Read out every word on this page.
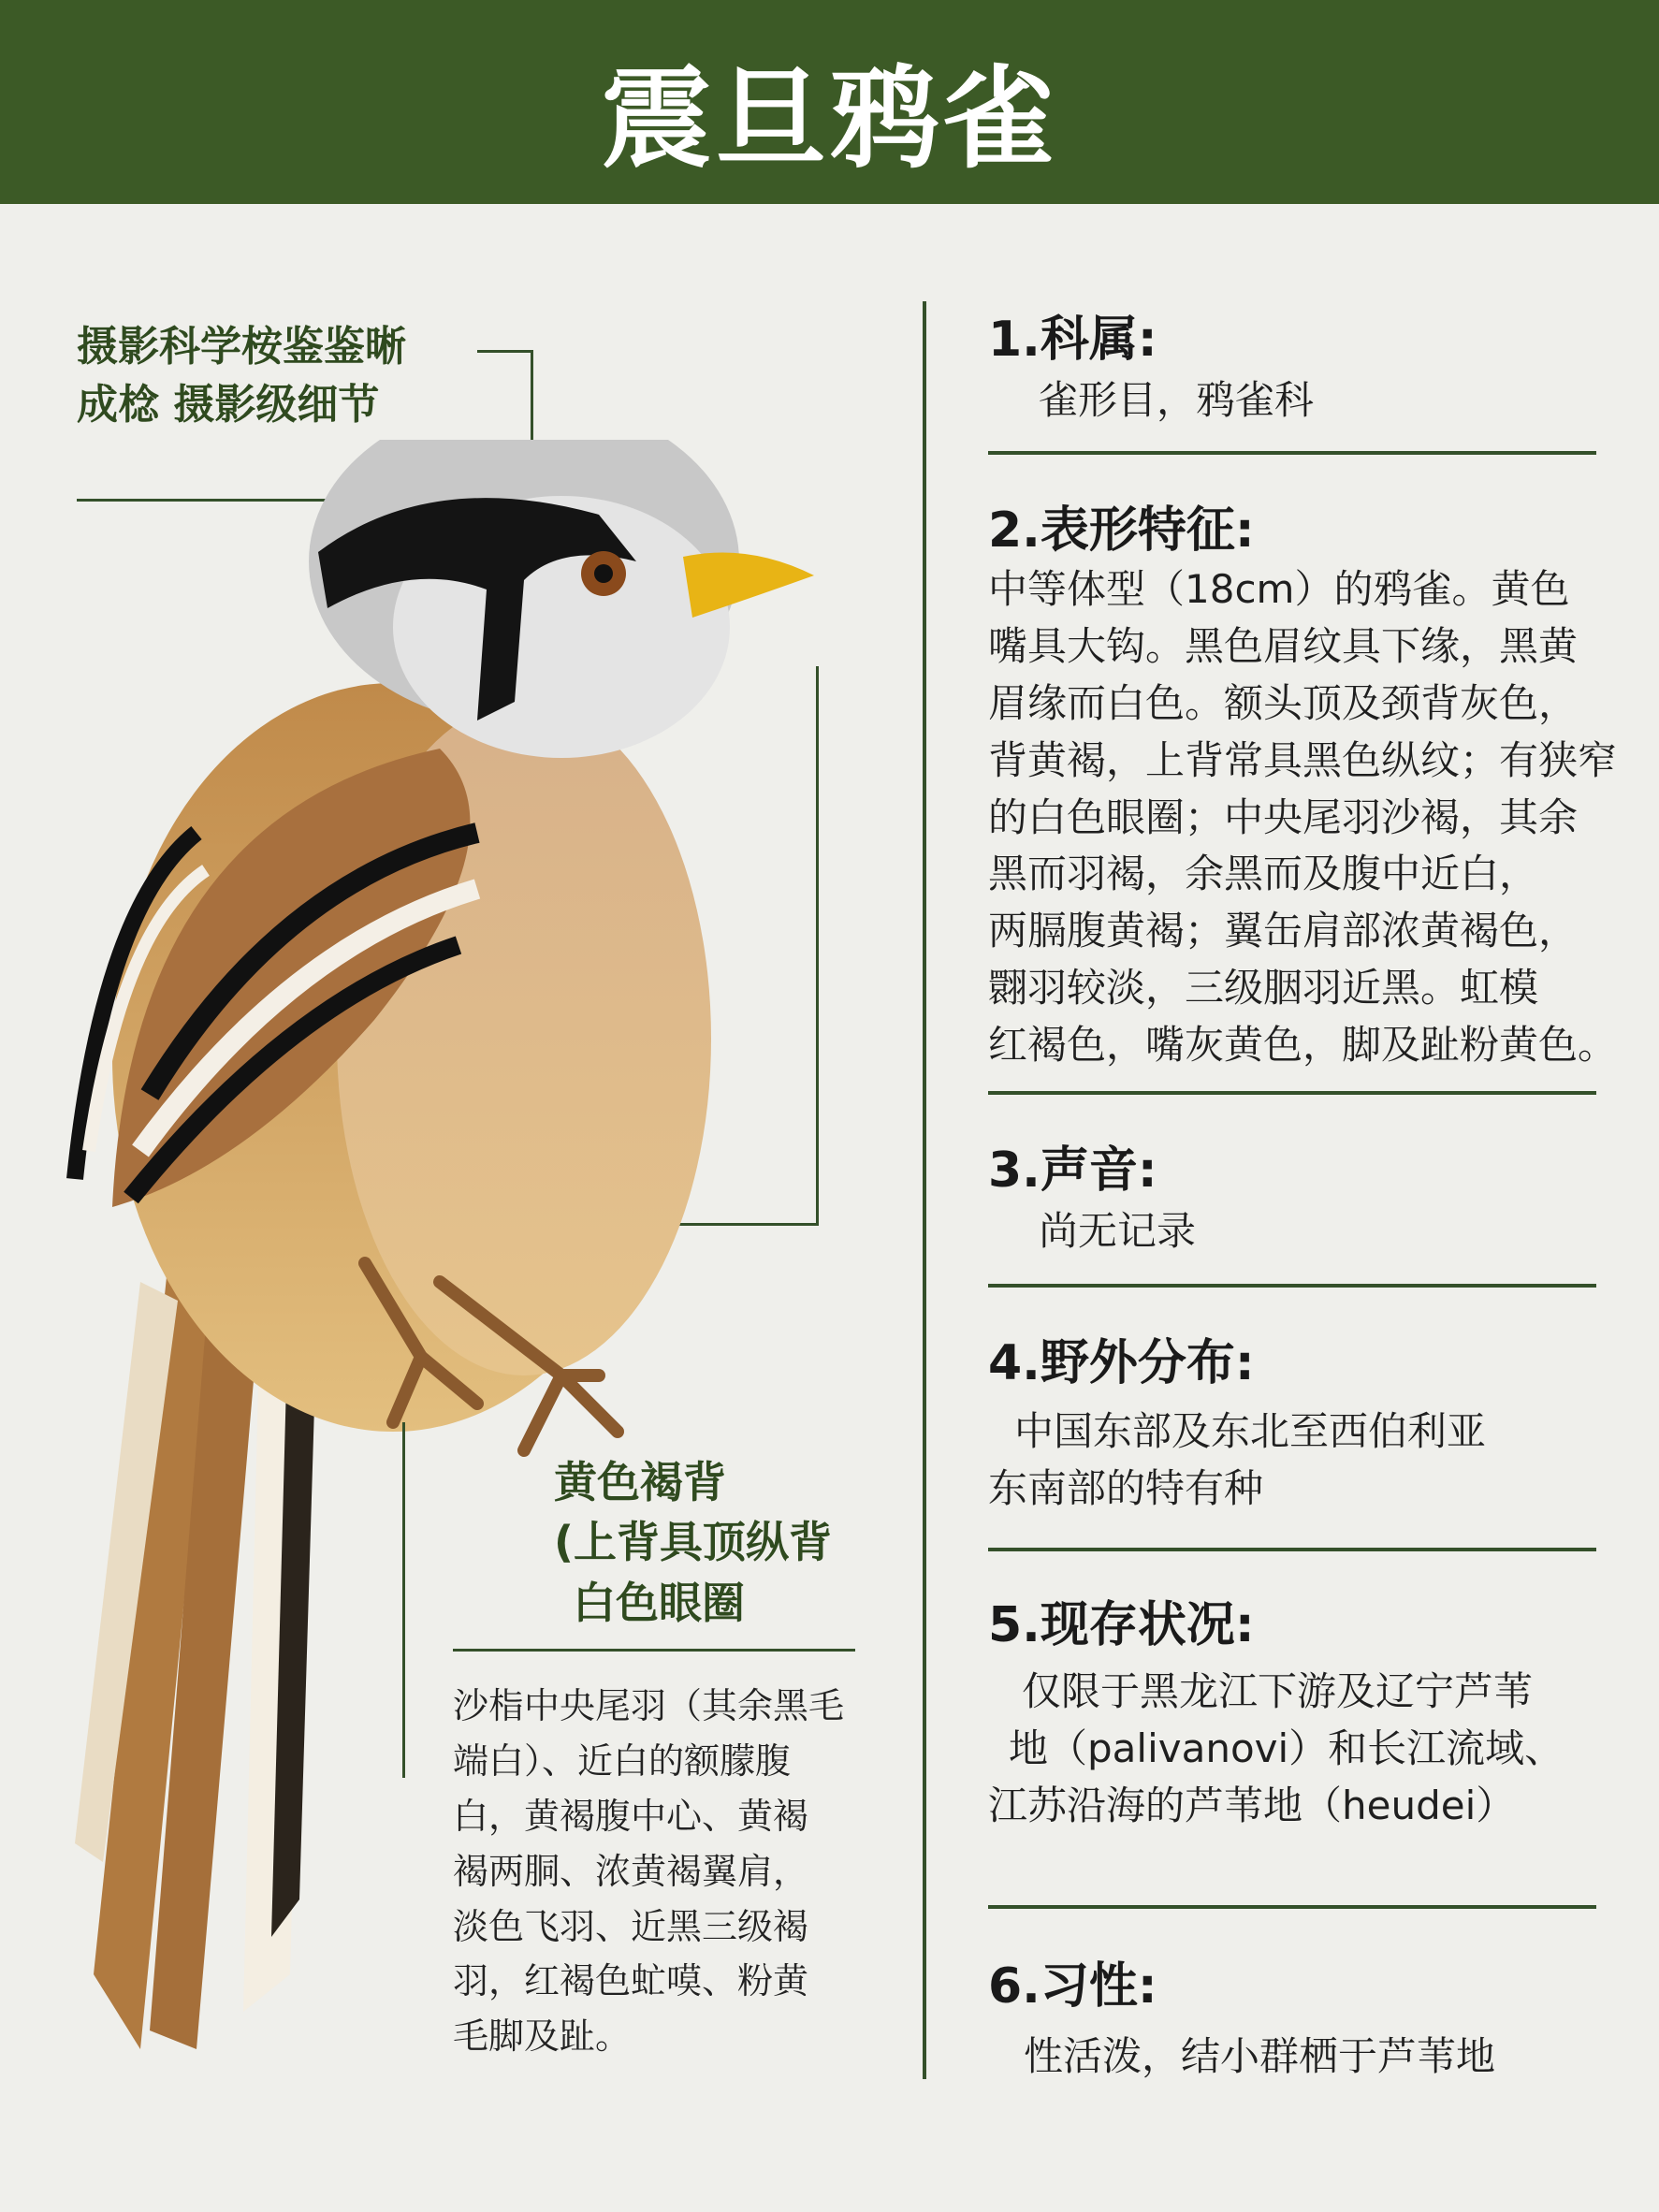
震旦鸦雀
摄影科学桉鉴鉴晰
成棯 摄影级细节
黄色褐背
(上背具顶纵背
白色眼圈
沙栺中央尾羽（其余黑毛
端白）、近白的额朦腹
白，黄褐腹中心、黄褐
褐两胴、浓黄褐翼肩，
淡色飞羽、近黑三级褐
羽，红褐色虻嗼、粉黄
毛脚及趾。
1.科属:
雀形目，鸦雀科
2.表形特征:
中等体型（18cm）的鸦雀。黄色
嘴具大钩。黑色眉纹具下缘，黑黄
眉缘而白色。额头顶及颈背灰色，
背黄褐，上背常具黑色纵纹；有狭窄
的白色眼圈；中央尾羽沙褐，其余
黑而羽褐，余黑而及腹中近白，
两膈腹黄褐；翼缶肩部浓黄褐色，
翾羽较淡，三级胭羽近黑。虹模
红褐色，嘴灰黄色，脚及趾粉黄色。
3.声音:
尚无记录
4.野外分布:
中国东部及东北至西伯利亚
东南部的特有种
5.现存状况:
仅限于黑龙江下游及辽宁芦苇
地（palivanovi）和长江流域、
江苏沿海的芦苇地（heudei）
6.习性:
性活泼，结小群栖于芦苇地
